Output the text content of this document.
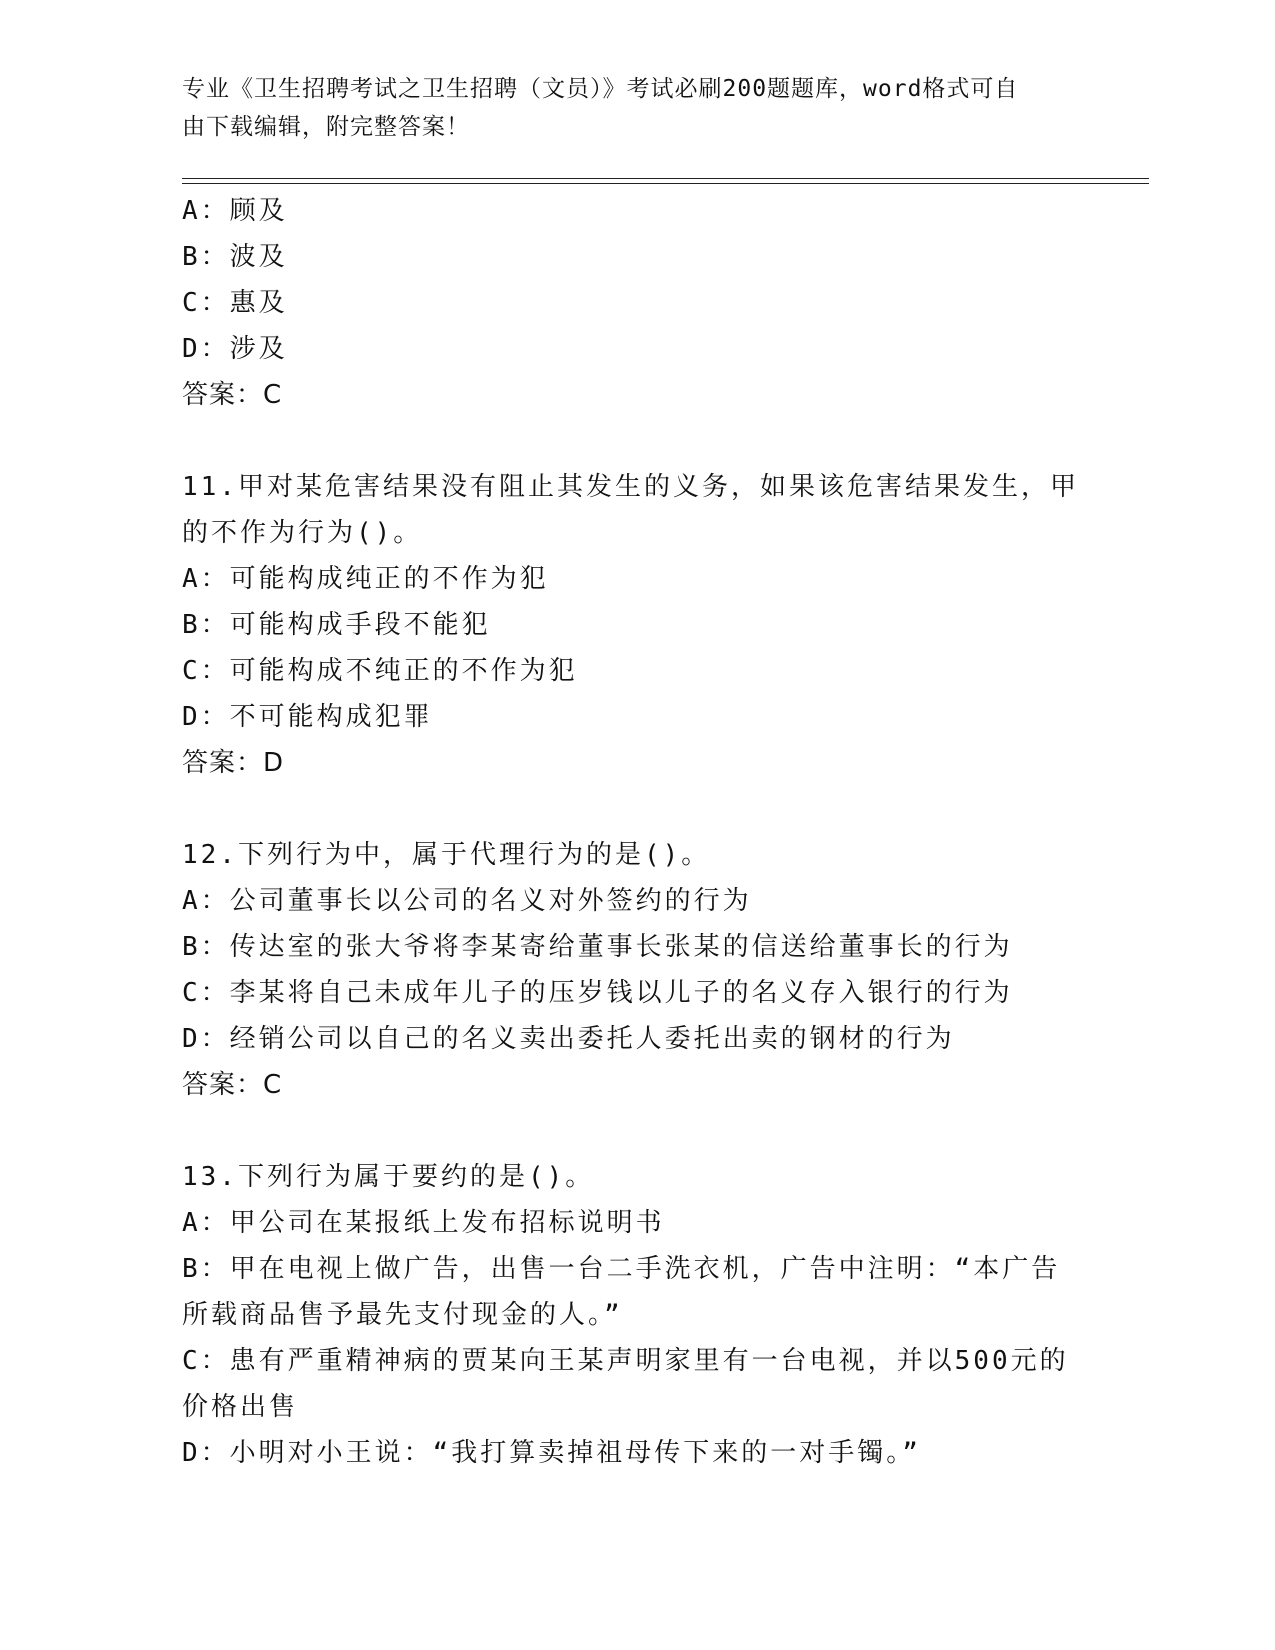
专业《卫生招聘考试之卫生招聘（文员）》考试必刷200题题库，word格式可自
由下载编辑，附完整答案！
A：顾及
B：波及
C：惠及
D：涉及
答案：C
11.甲对某危害结果没有阻止其发生的义务，如果该危害结果发生，甲
的不作为行为()。
A：可能构成纯正的不作为犯
B：可能构成手段不能犯
C：可能构成不纯正的不作为犯
D：不可能构成犯罪
答案：D
12.下列行为中，属于代理行为的是()。
A：公司董事长以公司的名义对外签约的行为
B：传达室的张大爷将李某寄给董事长张某的信送给董事长的行为
C：李某将自己未成年儿子的压岁钱以儿子的名义存入银行的行为
D：经销公司以自己的名义卖出委托人委托出卖的钢材的行为
答案：C
13.下列行为属于要约的是()。
A：甲公司在某报纸上发布招标说明书
B：甲在电视上做广告，出售一台二手洗衣机，广告中注明：“本广告
所载商品售予最先支付现金的人。”
C：患有严重精神病的贾某向王某声明家里有一台电视，并以500元的
价格出售
D：小明对小王说：“我打算卖掉祖母传下来的一对手镯。”
